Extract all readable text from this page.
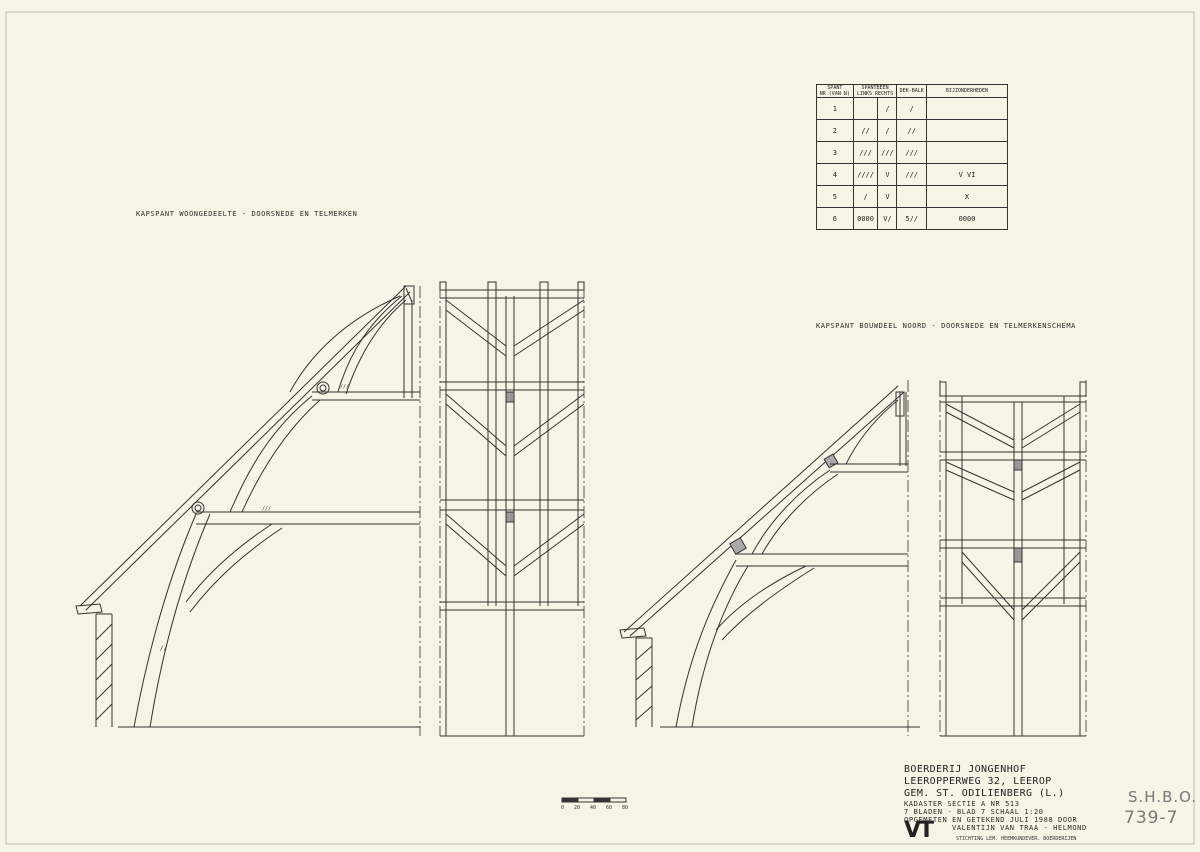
//
///
///
KAPSPANT WOONGEDEELTE - DOORSNEDE EN TELMERKEN
KAPSPANT BOUWDEEL NOORD - DOORSNEDE EN TELMERKENSCHEMA
SPANT
NR (VAN N)	SPANTBEEN
LINKS RECHTS		DEK-BALK	BIJZONDERHEDEN
1		/	/	
2	//	/	//	
3	///	///	///	
4	////	V	///	V VI
5	/	V		X
6	0000	V/	5//	0000
0 20 40 60 80
BOERDERIJ JONGENHOF
LEEROPPERWEG 32, LEEROP
GEM. ST. ODILIENBERG (L.)
KADASTER SECTIE A NR 513
7 BLADEN - BLAD 7 SCHAAL 1:20
OPGEMETEN EN GETEKEND JULI 1988 DOOR
VALENTIJN VAN TRAA - HELMOND
VT	STICHTING LEM. HEEMKUNDEVER. BOERDERIJEN
S.H.B.O.
739-7
